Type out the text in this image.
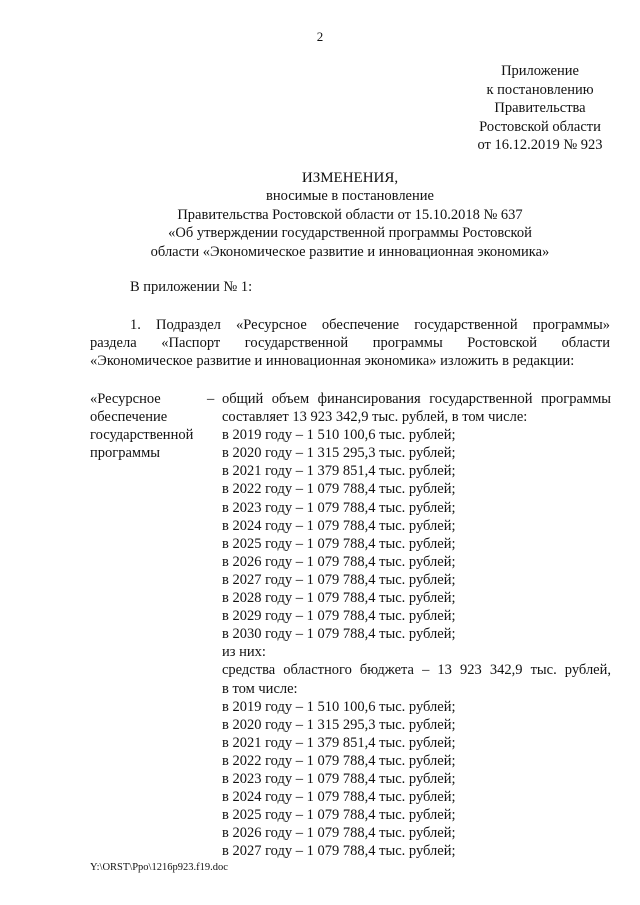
2
Приложение
к постановлению
Правительства
Ростовской области
от 16.12.2019 № 923
ИЗМЕНЕНИЯ,
вносимые в постановление
Правительства Ростовской области от 15.10.2018 № 637
«Об утверждении государственной программы Ростовской
области «Экономическое развитие и инновационная экономика»
В приложении № 1:
1. Подраздел «Ресурсное обеспечение государственной программы»
раздела «Паспорт государственной программы Ростовской области
«Экономическое развитие и инновационная экономика» изложить в редакции:
«Ресурсное
обеспечение
государственной
программы
– общий объем финансирования государственной программы
составляет 13 923 342,9 тыс. рублей, в том числе:
в 2019 году – 1 510 100,6 тыс. рублей;
в 2020 году – 1 315 295,3 тыс. рублей;
в 2021 году – 1 379 851,4 тыс. рублей;
в 2022 году – 1 079 788,4 тыс. рублей;
в 2023 году – 1 079 788,4 тыс. рублей;
в 2024 году – 1 079 788,4 тыс. рублей;
в 2025 году – 1 079 788,4 тыс. рублей;
в 2026 году – 1 079 788,4 тыс. рублей;
в 2027 году – 1 079 788,4 тыс. рублей;
в 2028 году – 1 079 788,4 тыс. рублей;
в 2029 году – 1 079 788,4 тыс. рублей;
в 2030 году – 1 079 788,4 тыс. рублей;
из них:
средства областного бюджета – 13 923 342,9 тыс. рублей,
в том числе:
в 2019 году – 1 510 100,6 тыс. рублей;
в 2020 году – 1 315 295,3 тыс. рублей;
в 2021 году – 1 379 851,4 тыс. рублей;
в 2022 году – 1 079 788,4 тыс. рублей;
в 2023 году – 1 079 788,4 тыс. рублей;
в 2024 году – 1 079 788,4 тыс. рублей;
в 2025 году – 1 079 788,4 тыс. рублей;
в 2026 году – 1 079 788,4 тыс. рублей;
в 2027 году – 1 079 788,4 тыс. рублей;
Y:\ORST\Ppo\1216p923.f19.doc
